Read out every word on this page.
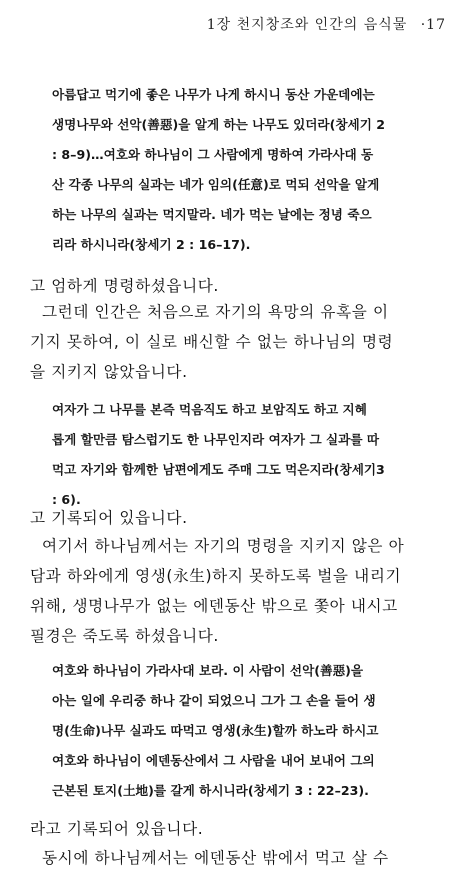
1장 천지창조와 인간의 음식물 ·17
아름답고 먹기에 좋은 나무가 나게 하시니 동산 가운데에는
생명나무와 선악(善惡)을 알게 하는 나무도 있더라(창세기 2
: 8–9)…여호와 하나님이 그 사람에게 명하여 가라사대 동
산 각종 나무의 실과는 네가 임의(任意)로 먹되 선악을 알게
하는 나무의 실과는 먹지말라. 네가 먹는 날에는 정녕 죽으
리라 하시니라(창세기 2 : 16–17).
고 엄하게 명령하셨읍니다.
그런데 인간은 처음으로 자기의 욕망의 유혹을 이
기지 못하여, 이 실로 배신할 수 없는 하나님의 명령
을 지키지 않았읍니다.
여자가 그 나무를 본즉 먹음직도 하고 보암직도 하고 지혜
롭게 할만큼 탐스럽기도 한 나무인지라 여자가 그 실과를 따
먹고 자기와 함께한 남편에게도 주매 그도 먹은지라(창세기3
: 6).
고 기록되어 있읍니다.
여기서 하나님께서는 자기의 명령을 지키지 않은 아
담과 하와에게 영생(永生)하지 못하도록 벌을 내리기
위해, 생명나무가 없는 에덴동산 밖으로 쫓아 내시고
필경은 죽도록 하셨읍니다.
여호와 하나님이 가라사대 보라. 이 사람이 선악(善惡)을
아는 일에 우리중 하나 같이 되었으니 그가 그 손을 들어 생
명(生命)나무 실과도 따먹고 영생(永生)할까 하노라 하시고
여호와 하나님이 에덴동산에서 그 사람을 내어 보내어 그의
근본된 토지(土地)를 갈게 하시니라(창세기 3 : 22–23).
라고 기록되어 있읍니다.
동시에 하나님께서는 에덴동산 밖에서 먹고 살 수
